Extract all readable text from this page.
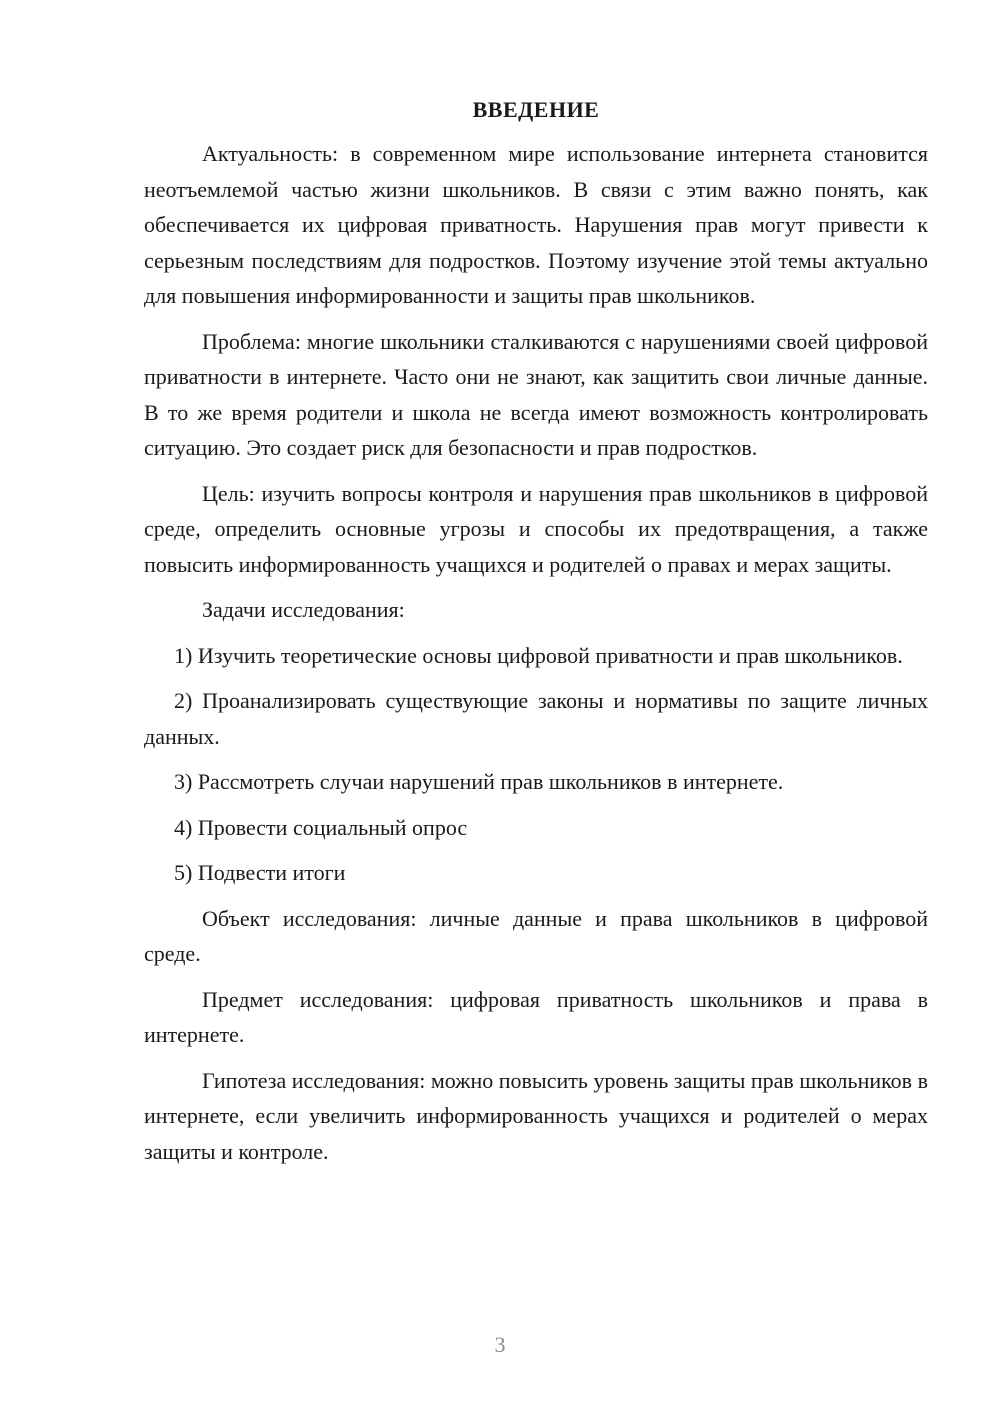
ВВЕДЕНИЕ

Актуальность: в современном мире использование интернета становится неотъемлемой частью жизни школьников. В связи с этим важно понять, как обеспечивается их цифровая приватность. Нарушения прав могут привести к серьезным последствиям для подростков. Поэтому изучение этой темы актуально для повышения информированности и защиты прав школьников.

Проблема: многие школьники сталкиваются с нарушениями своей цифровой приватности в интернете. Часто они не знают, как защитить свои личные данные. В то же время родители и школа не всегда имеют возможность контролировать ситуацию. Это создает риск для безопасности и прав подростков.

Цель: изучить вопросы контроля и нарушения прав школьников в цифровой среде, определить основные угрозы и способы их предотвращения, а также повысить информированность учащихся и родителей о правах и мерах защиты.

Задачи исследования:

1) Изучить теоретические основы цифровой приватности и прав школьников.

2) Проанализировать существующие законы и нормативы по защите личных данных.

3) Рассмотреть случаи нарушений прав школьников в интернете.

4) Провести социальный опрос

5) Подвести итоги

Объект исследования: личные данные и права школьников в цифровой среде.

Предмет исследования: цифровая приватность школьников и права в интернете.

Гипотеза исследования: можно повысить уровень защиты прав школьников в интернете, если увеличить информированность учащихся и родителей о мерах защиты и контроле.

3
